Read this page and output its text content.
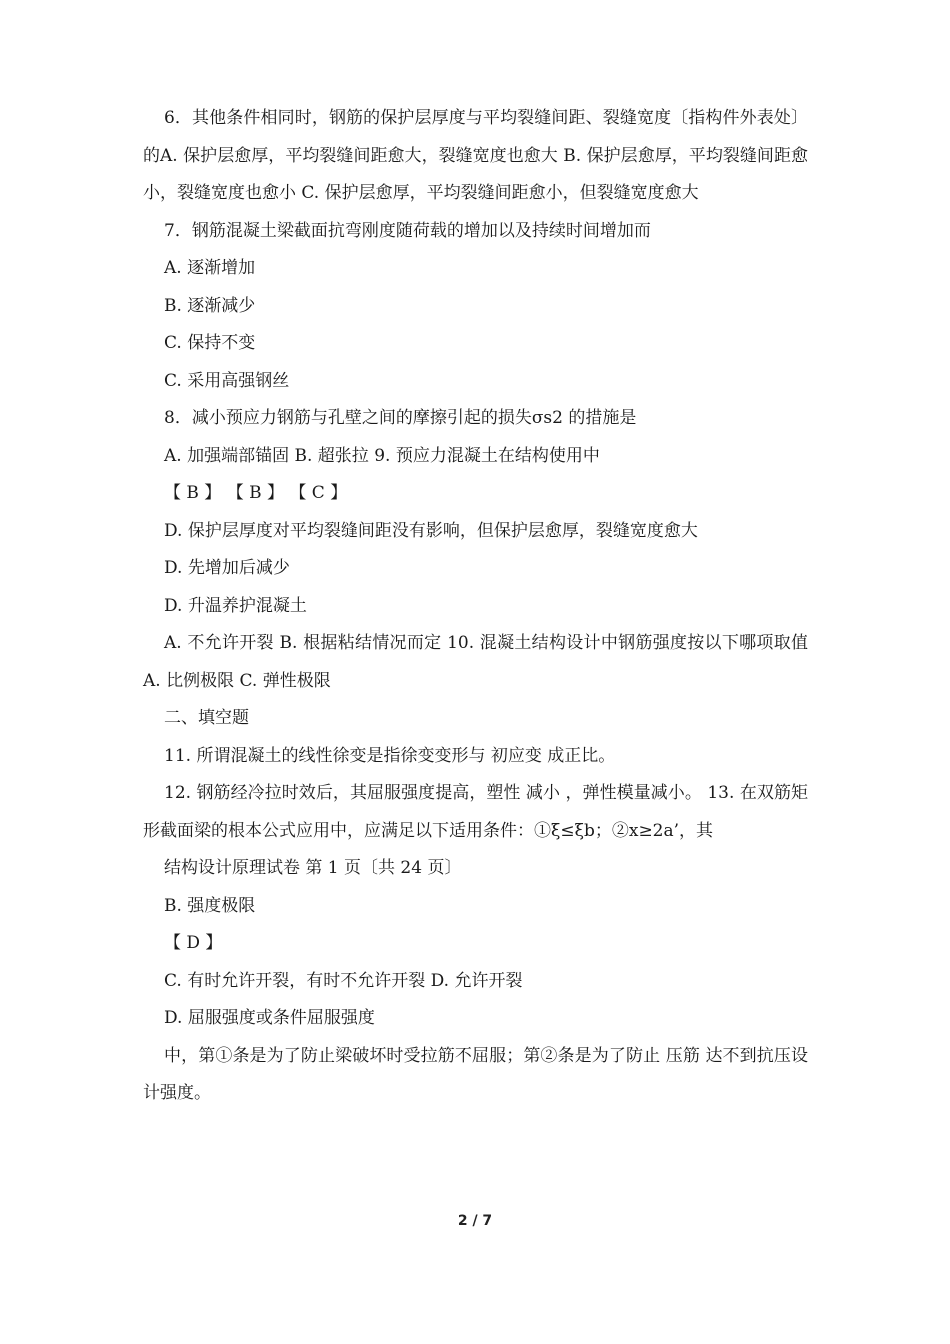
6．其他条件相同时，钢筋的保护层厚度与平均裂缝间距、裂缝宽度〔指构件外表处〕的A. 保护层愈厚，平均裂缝间距愈大，裂缝宽度也愈大 B. 保护层愈厚，平均裂缝间距愈小，裂缝宽度也愈小 C. 保护层愈厚，平均裂缝间距愈小，但裂缝宽度愈大

7．钢筋混凝土梁截面抗弯刚度随荷载的增加以及持续时间增加而

A. 逐渐增加

B. 逐渐减少

C. 保持不变

C. 采用高强钢丝

8．减小预应力钢筋与孔壁之间的摩擦引起的损失σs2 的措施是

A. 加强端部锚固 B. 超张拉 9. 预应力混凝土在结构使用中

【 B 】 【 B 】 【 C 】

D. 保护层厚度对平均裂缝间距没有影响，但保护层愈厚，裂缝宽度愈大

D. 先增加后减少

D. 升温养护混凝土

A. 不允许开裂 B. 根据粘结情况而定 10. 混凝土结构设计中钢筋强度按以下哪项取值 A. 比例极限 C. 弹性极限

二、填空题

11. 所谓混凝土的线性徐变是指徐变变形与 初应变 成正比。

12. 钢筋经冷拉时效后，其屈服强度提高，塑性 减小 ，弹性模量减小。 13. 在双筋矩形截面梁的根本公式应用中，应满足以下适用条件：①ξ≤ξb；②x≥2a’，其

结构设计原理试卷 第 1 页〔共 24 页〕

B. 强度极限

【 D 】

C. 有时允许开裂，有时不允许开裂 D. 允许开裂

D. 屈服强度或条件屈服强度

中，第①条是为了防止梁破坏时受拉筋不屈服；第②条是为了防止 压筋 达不到抗压设计强度。

2 / 7
